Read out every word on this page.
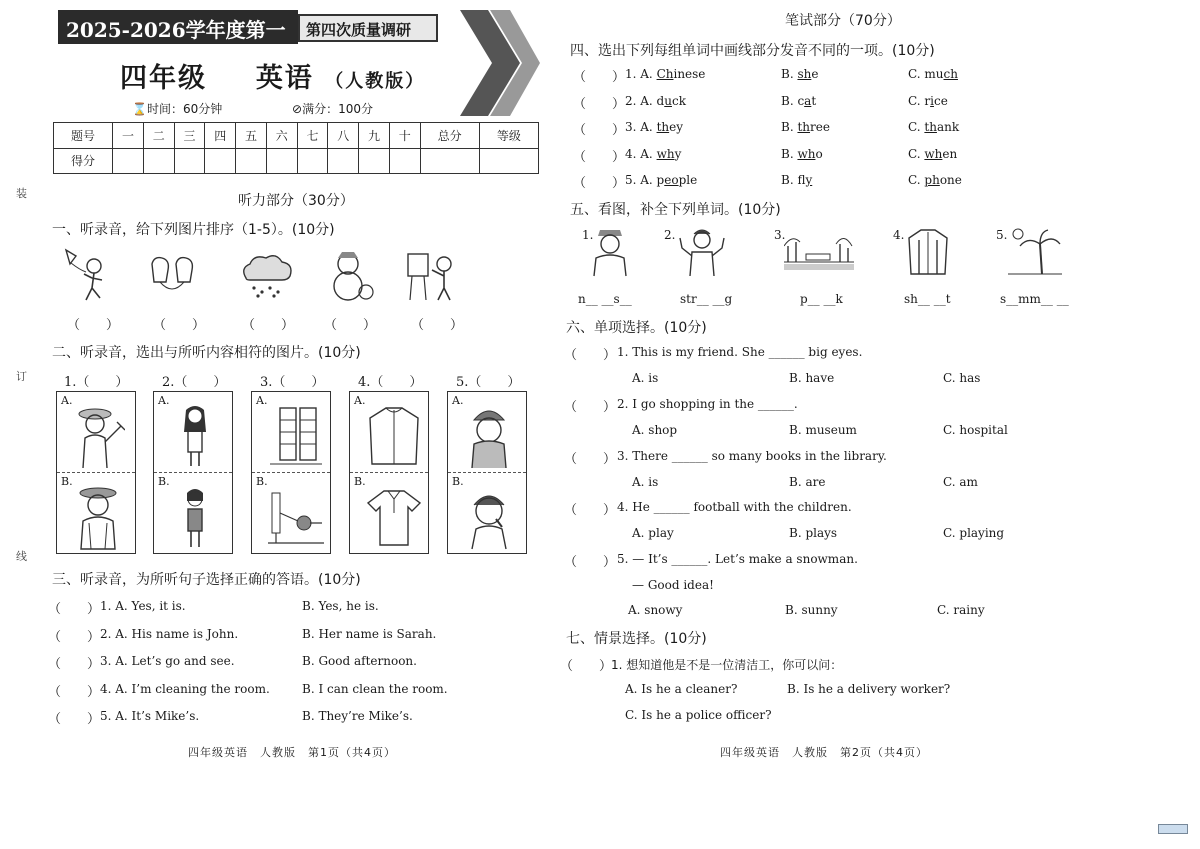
装
订
线
2025-2026学年度第一学期
第四次质量调研
四年级 英语 （人教版）
⌛时间：60分钟	⊘满分：100分
题号	一	二	三	四	五	六	七	八	九	十	总分	等级
得分												
听力部分（30分）
一、听录音，给下列图片排序（1-5）。(10分)
（　　）	（　　）	（　　） （　　）	（　　）
二、听录音，选出与所听内容相符的图片。(10分)
1.（　　）	2.（　　）	3.（　　）	4.（　　）	5.（　　）
A.
B.
A.
B.
A.
B.
A.
B.
A.
B.
三、听录音，为所听句子选择正确的答语。(10分)
（　　） 1. A. Yes, it is.	B. Yes, he is.
（　　） 2. A. His name is John.	B. Her name is Sarah.
（　　） 3. A. Let’s go and see.	B. Good afternoon.
（　　） 4. A. I’m cleaning the room.	B. I can clean the room.
（　　） 5. A. It’s Mike’s.	B. They’re Mike’s.
四年级英语　人教版　第1页（共4页）
笔试部分（70分）
四、选出下列每组单词中画线部分发音不同的一项。(10分)
（　　） 1. A. Chinese	B. she	C. much
（　　） 2. A. duck	B. cat	C. rice
（　　） 3. A. they	B. three	C. thank
（　　） 4. A. why	B. who	C. when
（　　） 5. A. people	B. fly	C. phone
五、看图，补全下列单词。(10分)
1.	2.	3.	4.	5.
n__ __s__	str__ __g	p__ __k	sh__ __t	s__mm__ __
六、单项选择。(10分)
（　　） 1. This is my friend. She ______ big eyes.
A. is	B. have	C. has
（　　） 2. I go shopping in the ______.
A. shop	B. museum	C. hospital
（　　） 3. There ______ so many books in the library.
A. is	B. are	C. am
（　　） 4. He ______ football with the children.
A. play	B. plays	C. playing
（　　） 5. — It’s ______. Let’s make a snowman.
— Good idea!
A. snowy	B. sunny	C. rainy
七、情景选择。(10分)
（　　）
1. 想知道他是不是一位清洁工，你可以问：
A. Is he a cleaner?	B. Is he a delivery worker?
C. Is he a police officer?
四年级英语　人教版　第2页（共4页）
